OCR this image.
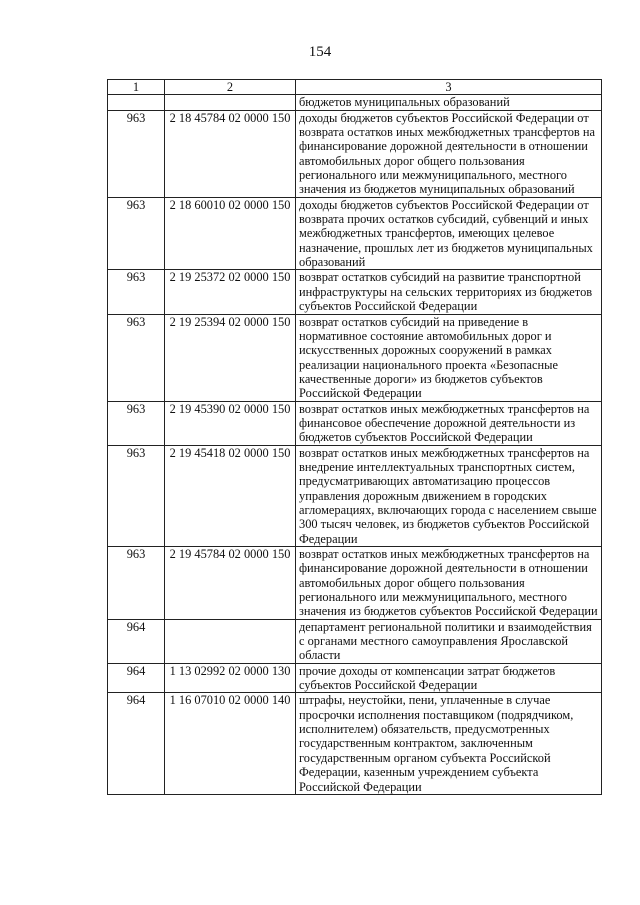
154
1	2	3
		бюджетов муниципальных образований
963	2 18 45784 02 0000 150	доходы бюджетов субъектов Российской Федерации от возврата остатков иных межбюджетных трансфертов на финансирование дорожной деятельности в отношении автомобильных дорог общего пользования регионального или межмуниципального, местного значения из бюджетов муниципальных образований
963	2 18 60010 02 0000 150	доходы бюджетов субъектов Российской Федерации от возврата прочих остатков субсидий, субвенций и иных межбюджетных трансфертов, имеющих целевое назначение, прошлых лет из бюджетов муниципальных образований
963	2 19 25372 02 0000 150	возврат остатков субсидий на развитие транспортной инфраструктуры на сельских территориях из бюджетов субъектов Российской Федерации
963	2 19 25394 02 0000 150	возврат остатков субсидий на приведение в нормативное состояние автомобильных дорог и искусственных дорожных сооружений в рамках реализации национального проекта «Безопасные качественные дороги» из бюджетов субъектов Российской Федерации
963	2 19 45390 02 0000 150	возврат остатков иных межбюджетных трансфертов на финансовое обеспечение дорожной деятельности из бюджетов субъектов Российской Федерации
963	2 19 45418 02 0000 150	возврат остатков иных межбюджетных трансфертов на внедрение интеллектуальных транспортных систем, предусматривающих автоматизацию процессов управления дорожным движением в городских агломерациях, включающих города с населением свыше 300 тысяч человек, из бюджетов субъектов Российской Федерации
963	2 19 45784 02 0000 150	возврат остатков иных межбюджетных трансфертов на финансирование дорожной деятельности в отношении автомобильных дорог общего пользования регионального или межмуниципального, местного значения из бюджетов субъектов Российской Федерации
964		департамент региональной политики и взаимодействия с органами местного самоуправления Ярославской области
964	1 13 02992 02 0000 130	прочие доходы от компенсации затрат бюджетов субъектов Российской Федерации
964	1 16 07010 02 0000 140	штрафы, неустойки, пени, уплаченные в случае просрочки исполнения поставщиком (подрядчиком, исполнителем) обязательств, предусмотренных государственным контрактом, заключенным государственным органом субъекта Российской Федерации, казенным учреждением субъекта Российской Федерации
